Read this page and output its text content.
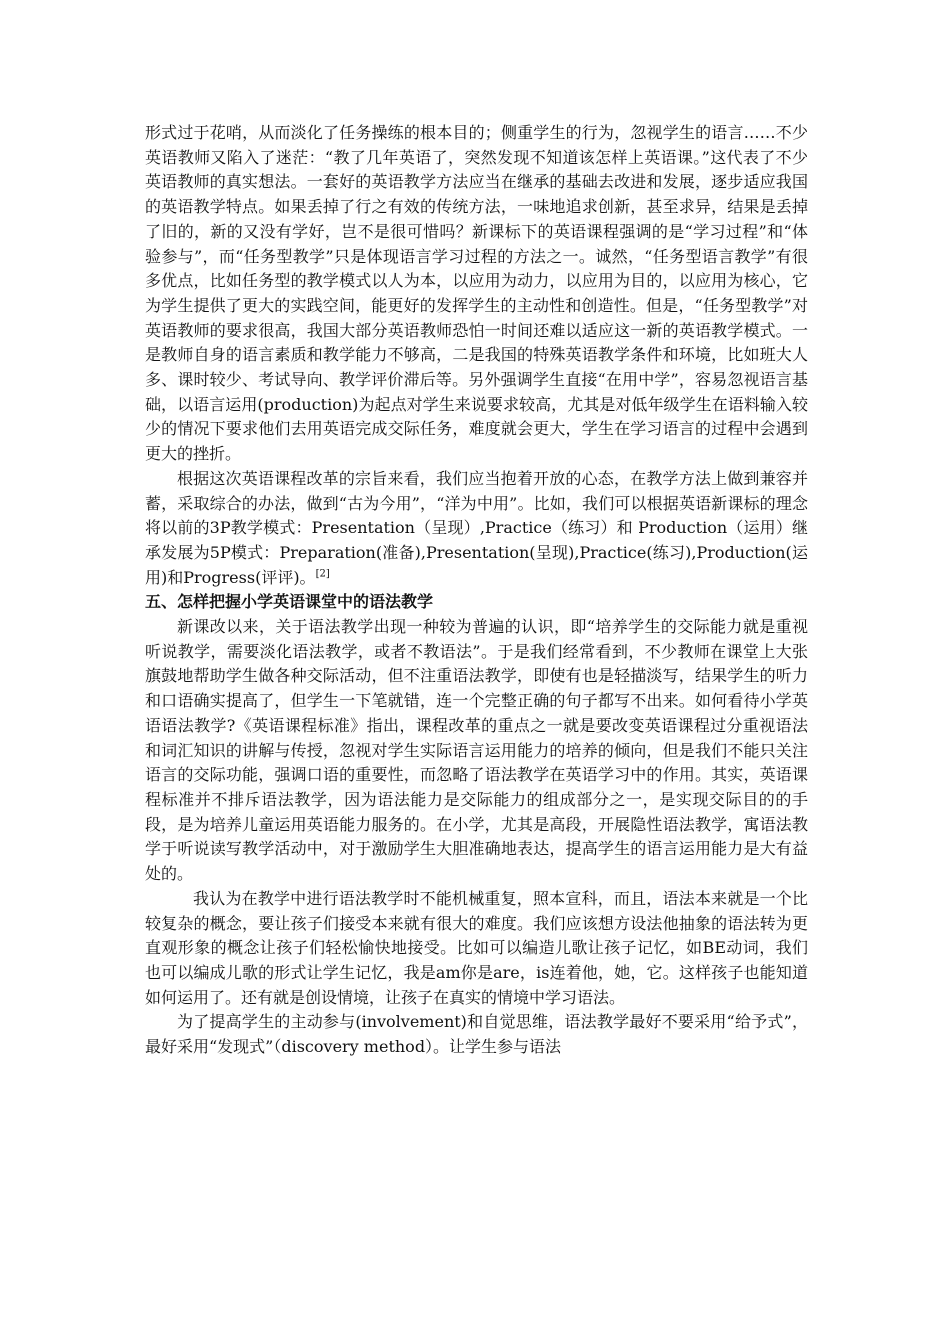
形式过于花哨，从而淡化了任务操练的根本目的；侧重学生的行为，忽视学生的语言……不少英语教师又陷入了迷茫：“教了几年英语了，突然发现不知道该怎样上英语课。”这代表了不少英语教师的真实想法。一套好的英语教学方法应当在继承的基础去改进和发展，逐步适应我国的英语教学特点。如果丢掉了行之有效的传统方法，一味地追求创新，甚至求异，结果是丢掉了旧的，新的又没有学好，岂不是很可惜吗？新课标下的英语课程强调的是“学习过程”和“体验参与”，而“任务型教学”只是体现语言学习过程的方法之一。诚然，“任务型语言教学”有很多优点，比如任务型的教学模式以人为本，以应用为动力，以应用为目的，以应用为核心，它为学生提供了更大的实践空间，能更好的发挥学生的主动性和创造性。但是，“任务型教学”对英语教师的要求很高，我国大部分英语教师恐怕一时间还难以适应这一新的英语教学模式。一是教师自身的语言素质和教学能力不够高，二是我国的特殊英语教学条件和环境，比如班大人多、课时较少、考试导向、教学评价滞后等。另外强调学生直接“在用中学”，容易忽视语言基础，以语言运用(production)为起点对学生来说要求较高，尤其是对低年级学生在语料输入较少的情况下要求他们去用英语完成交际任务，难度就会更大，学生在学习语言的过程中会遇到更大的挫折。

根据这次英语课程改革的宗旨来看，我们应当抱着开放的心态，在教学方法上做到兼容并蓄，采取综合的办法，做到“古为今用”，“洋为中用”。比如，我们可以根据英语新课标的理念将以前的3P教学模式：Presentation（呈现）,Practice（练习）和 Production（运用）继承发展为5P模式：Preparation(准备),Presentation(呈现),Practice(练习),Production(运用)和Progress(评评)。[2]

五、怎样把握小学英语课堂中的语法教学

新课改以来，关于语法教学出现一种较为普遍的认识，即“培养学生的交际能力就是重视听说教学，需要淡化语法教学，或者不教语法”。于是我们经常看到，不少教师在课堂上大张旗鼓地帮助学生做各种交际活动，但不注重语法教学，即使有也是轻描淡写，结果学生的听力和口语确实提高了，但学生一下笔就错，连一个完整正确的句子都写不出来。如何看待小学英语语法教学?《英语课程标准》指出，课程改革的重点之一就是要改变英语课程过分重视语法和词汇知识的讲解与传授，忽视对学生实际语言运用能力的培养的倾向，但是我们不能只关注语言的交际功能，强调口语的重要性，而忽略了语法教学在英语学习中的作用。其实，英语课程标准并不排斥语法教学，因为语法能力是交际能力的组成部分之一，是实现交际目的的手段，是为培养儿童运用英语能力服务的。在小学，尤其是高段，开展隐性语法教学，寓语法教学于听说读写教学活动中，对于激励学生大胆准确地表达，提高学生的语言运用能力是大有益处的。

我认为在教学中进行语法教学时不能机械重复，照本宣科，而且，语法本来就是一个比较复杂的概念，要让孩子们接受本来就有很大的难度。我们应该想方设法他抽象的语法转为更直观形象的概念让孩子们轻松愉快地接受。比如可以编造儿歌让孩子记忆，如BE动词，我们也可以编成儿歌的形式让学生记忆，我是am你是are，is连着他，她，它。这样孩子也能知道如何运用了。还有就是创设情境，让孩子在真实的情境中学习语法。

为了提高学生的主动参与(involvement)和自觉思维，语法教学最好不要采用“给予式”，最好采用“发现式”（discovery method）。让学生参与语法
